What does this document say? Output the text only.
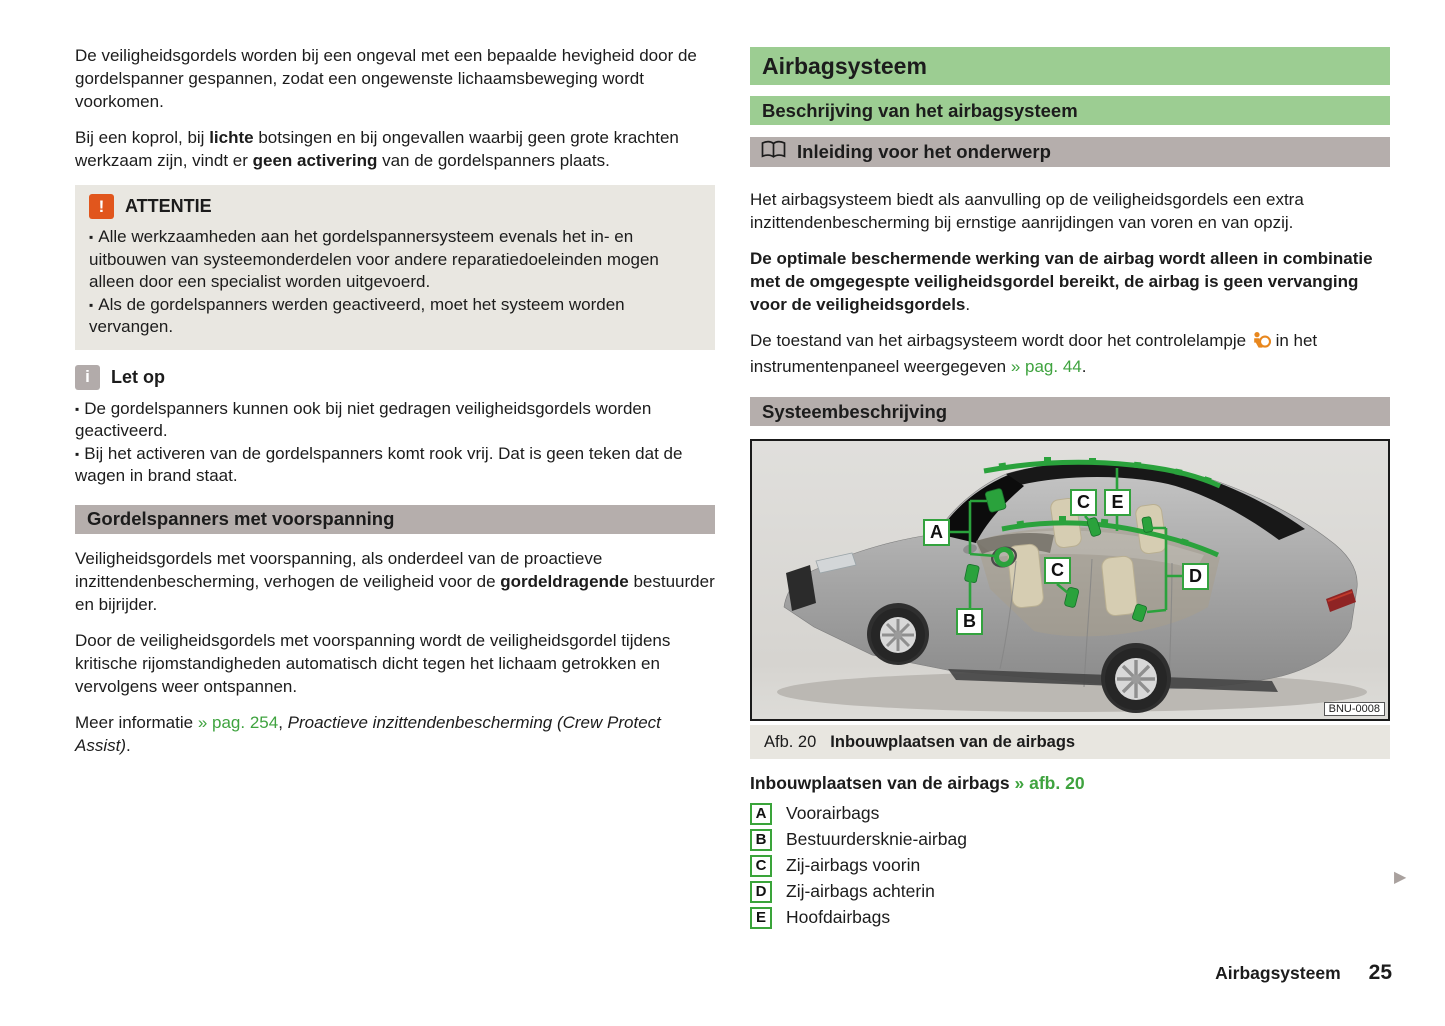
De veiligheidsgordels worden bij een ongeval met een bepaalde hevigheid door de gordelspanner gespannen, zodat een ongewenste lichaamsbeweging wordt voorkomen.

Bij een koprol, bij lichte botsingen en bij ongevallen waarbij geen grote krachten werkzaam zijn, vindt er geen activering van de gordelspanners plaats.

!	ATTENTIE

▪ Alle werkzaamheden aan het gordelspannersysteem evenals het in- en uitbouwen van systeemonderdelen voor andere reparatiedoeleinden mogen alleen door een specialist worden uitgevoerd.

▪ Als de gordelspanners werden geactiveerd, moet het systeem worden vervangen.

i	Let op

▪ De gordelspanners kunnen ook bij niet gedragen veiligheidsgordels worden geactiveerd.

▪ Bij het activeren van de gordelspanners komt rook vrij. Dat is geen teken dat de wagen in brand staat.

Gordelspanners met voorspanning

Veiligheidsgordels met voorspanning, als onderdeel van de proactieve inzittendenbescherming, verhogen de veiligheid voor de gordeldragende bestuurder en bijrijder.

Door de veiligheidsgordels met voorspanning wordt de veiligheidsgordel tijdens kritische rijomstandigheden automatisch dicht tegen het lichaam getrokken en vervolgens weer ontspannen.

Meer informatie » pag. 254, Proactieve inzittendenbescherming (Crew Protect Assist).

Airbagsysteem
Beschrijving van het airbagsysteem
Inleiding voor het onderwerp

Het airbagsysteem biedt als aanvulling op de veiligheidsgordels een extra inzittendenbescherming bij ernstige aanrijdingen van voren en van opzij.

De optimale beschermende werking van de airbag wordt alleen in combinatie met de omgegespte veiligheidsgordel bereikt, de airbag is geen vervanging voor de veiligheidsgordels.

De toestand van het airbagsysteem wordt door het controlelampje  in het instrumentenpaneel weergegeven » pag. 44.

Systeembeschrijving
A
B
C	E
C	D
BNU-0008
Afb. 20 Inbouwplaatsen van de airbags
Inbouwplaatsen van de airbags » afb. 20
A	Voorairbags
B	Bestuurdersknie-airbag
C	Zij-airbags voorin
D	Zij-airbags achterin
E	Hoofdairbags
▶
Airbagsysteem 25
